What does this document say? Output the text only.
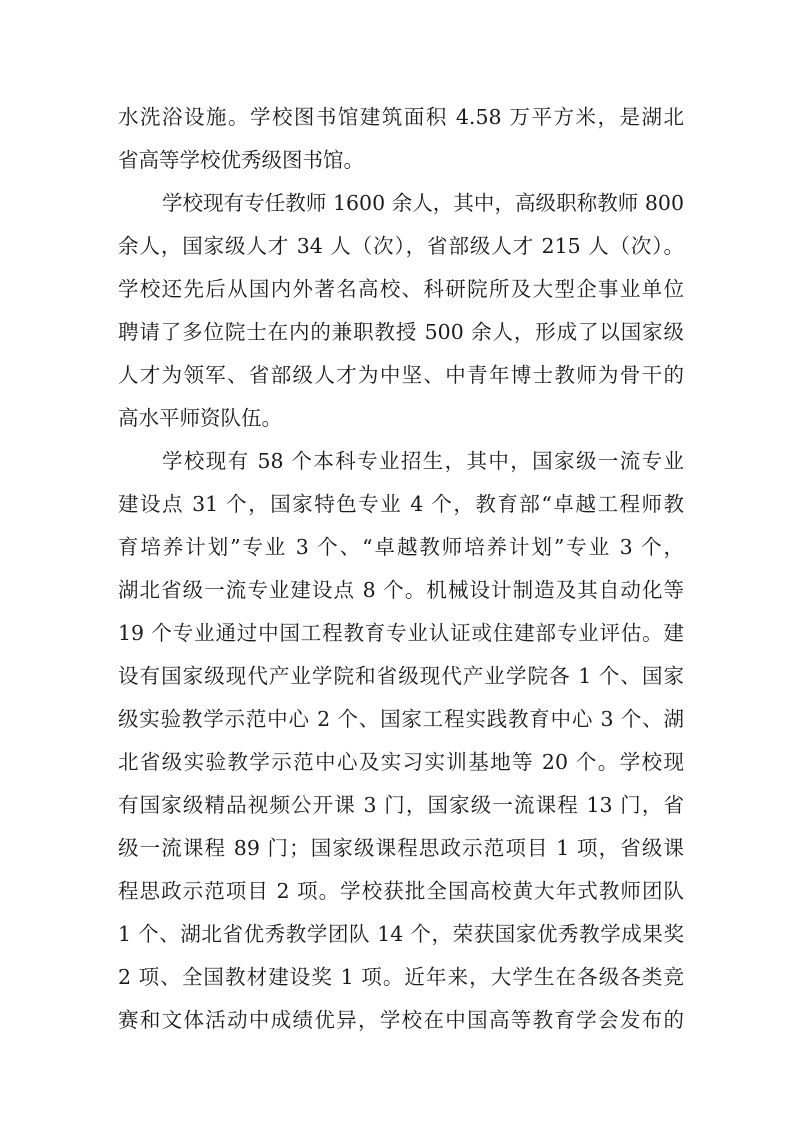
水洗浴设施。学校图书馆建筑面积 4.58 万平方米，是湖北
省高等学校优秀级图书馆。
学校现有专任教师 1600 余人，其中，高级职称教师 800
余人，国家级人才 34 人（次），省部级人才 215 人（次）。
学校还先后从国内外著名高校、科研院所及大型企事业单位
聘请了多位院士在内的兼职教授 500 余人，形成了以国家级
人才为领军、省部级人才为中坚、中青年博士教师为骨干的
高水平师资队伍。
学校现有 58 个本科专业招生，其中，国家级一流专业
建设点 31 个，国家特色专业 4 个，教育部“卓越工程师教
育培养计划”专业 3 个、“卓越教师培养计划”专业 3 个，
湖北省级一流专业建设点 8 个。机械设计制造及其自动化等
19 个专业通过中国工程教育专业认证或住建部专业评估。建
设有国家级现代产业学院和省级现代产业学院各 1 个、国家
级实验教学示范中心 2 个、国家工程实践教育中心 3 个、湖
北省级实验教学示范中心及实习实训基地等 20 个。学校现
有国家级精品视频公开课 3 门，国家级一流课程 13 门，省
级一流课程 89 门；国家级课程思政示范项目 1 项，省级课
程思政示范项目 2 项。学校获批全国高校黄大年式教师团队
1 个、湖北省优秀教学团队 14 个，荣获国家优秀教学成果奖
2 项、全国教材建设奖 1 项。近年来，大学生在各级各类竞
赛和文体活动中成绩优异，学校在中国高等教育学会发布的
